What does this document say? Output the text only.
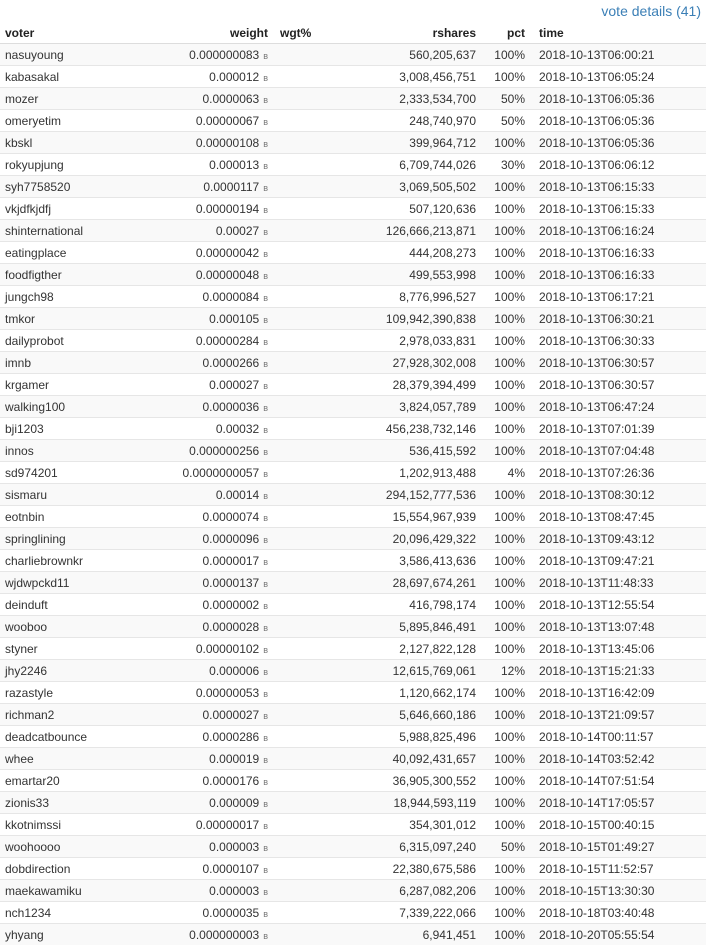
vote details (41)
voter	weight	wgt%	rshares	pct	time
nasuyoung	0.000000083 ʙ		560,205,637	100%	2018-10-13T06:00:21
kabasakal	0.000012 ʙ		3,008,456,751	100%	2018-10-13T06:05:24
mozer	0.0000063 ʙ		2,333,534,700	50%	2018-10-13T06:05:36
omeryetim	0.00000067 ʙ		248,740,970	50%	2018-10-13T06:05:36
kbskl	0.00000108 ʙ		399,964,712	100%	2018-10-13T06:05:36
rokyupjung	0.000013 ʙ		6,709,744,026	30%	2018-10-13T06:06:12
syh7758520	0.0000117 ʙ		3,069,505,502	100%	2018-10-13T06:15:33
vkjdfkjdfj	0.00000194 ʙ		507,120,636	100%	2018-10-13T06:15:33
shinternational	0.00027 ʙ		126,666,213,871	100%	2018-10-13T06:16:24
eatingplace	0.00000042 ʙ		444,208,273	100%	2018-10-13T06:16:33
foodfigther	0.00000048 ʙ		499,553,998	100%	2018-10-13T06:16:33
jungch98	0.0000084 ʙ		8,776,996,527	100%	2018-10-13T06:17:21
tmkor	0.000105 ʙ		109,942,390,838	100%	2018-10-13T06:30:21
dailyprobot	0.00000284 ʙ		2,978,033,831	100%	2018-10-13T06:30:33
imnb	0.0000266 ʙ		27,928,302,008	100%	2018-10-13T06:30:57
krgamer	0.000027 ʙ		28,379,394,499	100%	2018-10-13T06:30:57
walking100	0.0000036 ʙ		3,824,057,789	100%	2018-10-13T06:47:24
bji1203	0.00032 ʙ		456,238,732,146	100%	2018-10-13T07:01:39
innos	0.000000256 ʙ		536,415,592	100%	2018-10-13T07:04:48
sd974201	0.0000000057 ʙ		1,202,913,488	4%	2018-10-13T07:26:36
sismaru	0.00014 ʙ		294,152,777,536	100%	2018-10-13T08:30:12
eotnbin	0.0000074 ʙ		15,554,967,939	100%	2018-10-13T08:47:45
springlining	0.0000096 ʙ		20,096,429,322	100%	2018-10-13T09:43:12
charliebrownkr	0.0000017 ʙ		3,586,413,636	100%	2018-10-13T09:47:21
wjdwpckd11	0.0000137 ʙ		28,697,674,261	100%	2018-10-13T11:48:33
deinduft	0.0000002 ʙ		416,798,174	100%	2018-10-13T12:55:54
wooboo	0.0000028 ʙ		5,895,846,491	100%	2018-10-13T13:07:48
styner	0.00000102 ʙ		2,127,822,128	100%	2018-10-13T13:45:06
jhy2246	0.000006 ʙ		12,615,769,061	12%	2018-10-13T15:21:33
razastyle	0.00000053 ʙ		1,120,662,174	100%	2018-10-13T16:42:09
richman2	0.0000027 ʙ		5,646,660,186	100%	2018-10-13T21:09:57
deadcatbounce	0.0000286 ʙ		5,988,825,496	100%	2018-10-14T00:11:57
whee	0.000019 ʙ		40,092,431,657	100%	2018-10-14T03:52:42
emartar20	0.0000176 ʙ		36,905,300,552	100%	2018-10-14T07:51:54
zionis33	0.000009 ʙ		18,944,593,119	100%	2018-10-14T17:05:57
kkotnimssi	0.00000017 ʙ		354,301,012	100%	2018-10-15T00:40:15
woohoooo	0.000003 ʙ		6,315,097,240	50%	2018-10-15T01:49:27
dobdirection	0.0000107 ʙ		22,380,675,586	100%	2018-10-15T11:52:57
maekawamiku	0.000003 ʙ		6,287,082,206	100%	2018-10-15T13:30:30
nch1234	0.0000035 ʙ		7,339,222,066	100%	2018-10-18T03:40:48
yhyang	0.000000003 ʙ		6,941,451	100%	2018-10-20T05:55:54
